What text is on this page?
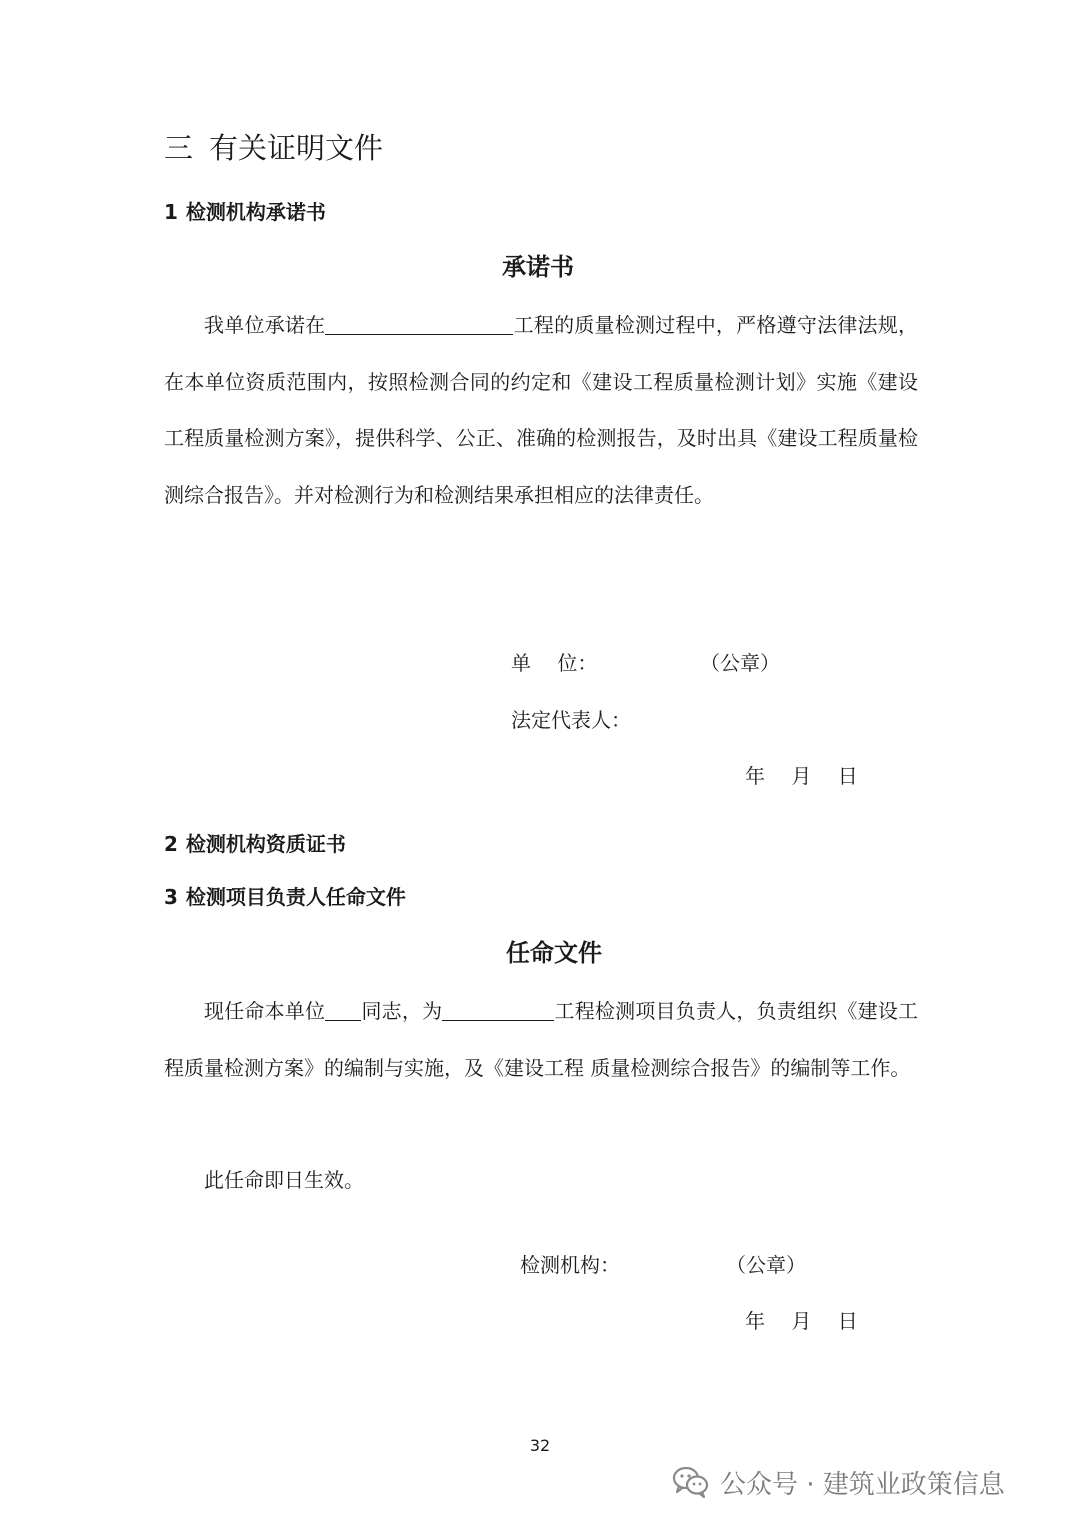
三 有关证明文件
1 检测机构承诺书
承诺书

我单位承诺在	工程的质量检测过程中，严格遵守法律法规，在本单位资质范围内，按照检测合同的约定和《建设工程质量检测计划》实施《建设工程质量检测方案》，提供科学、公正、准确的检测报告，及时出具《建设工程质量检测综合报告》。并对检测行为和检测结果承担相应的法律责任。

单　 位：	（公章）
法定代表人：
年　 月　 日
2 检测机构资质证书
3 检测项目负责人任命文件
任命文件

现任命本单位 同志，为	工程检测项目负责人，负责组织《建设工程质量检测方案》的编制与实施，及《建设工程 质量检测综合报告》的编制等工作。

此任命即日生效。

检测机构：	（公章）
年　 月　 日
32
公众号 · 建筑业政策信息
